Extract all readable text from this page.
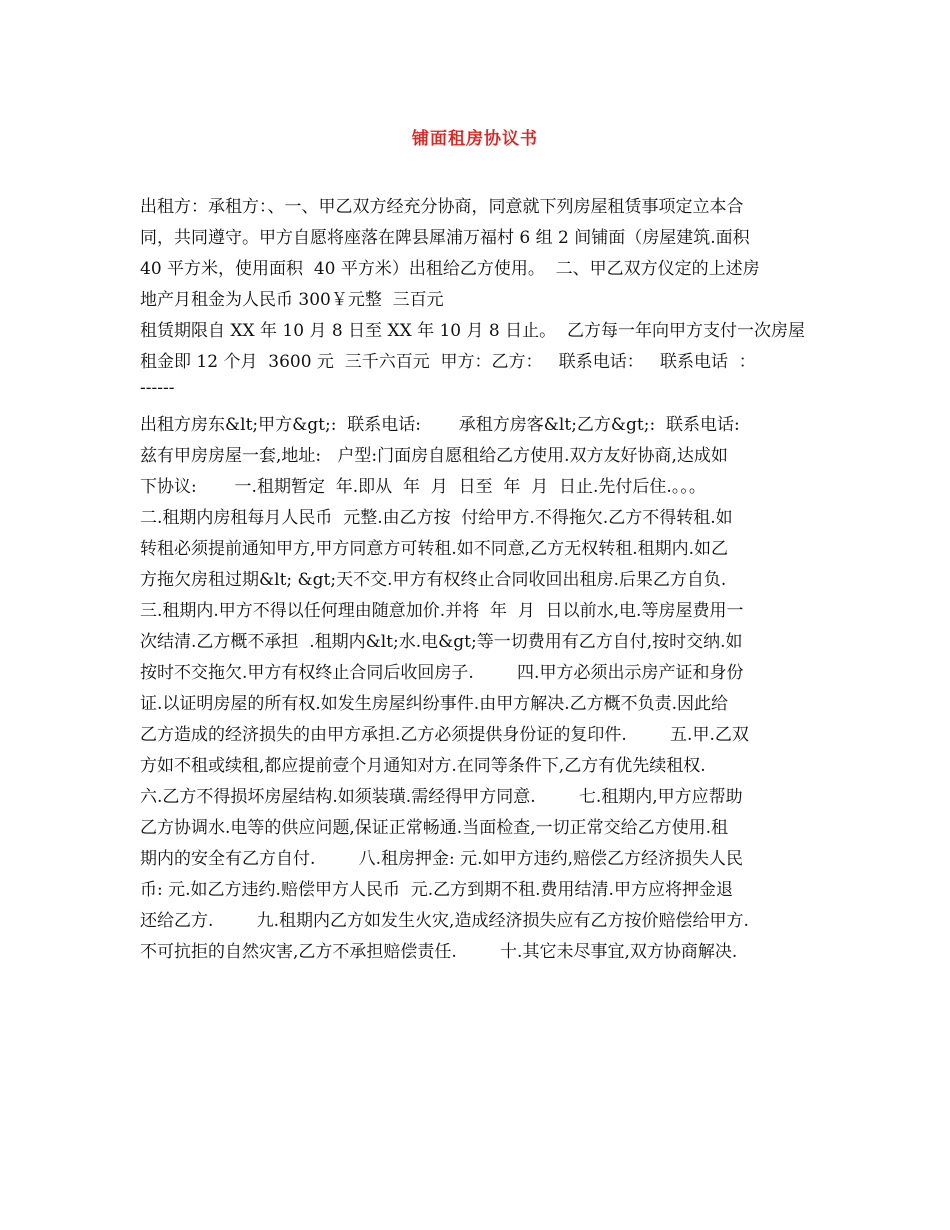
铺面租房协议书
出租方：承租方：、一、甲乙双方经充分协商，同意就下列房屋租赁事项定立本合
同，共同遵守。甲方自愿将座落在陴县犀浦万福村 6 组 2 间铺面（房屋建筑.面积
40 平方米，使用面积  40 平方米）出租给乙方使用。  二、甲乙双方仪定的上述房
地产月租金为人民币 300￥元整  三百元
租赁期限自 XX 年 10 月 8 日至 XX 年 10 月 8 日止。  乙方每一年向甲方支付一次房屋
租金即 12 个月  3600 元  三千六百元  甲方：乙方：   联系电话：   联系电话  ：
------
出租方房东&lt;甲方&gt;:  联系电话:       承租方房客&lt;乙方&gt;:  联系电话:
兹有甲房房屋一套,地址:   户型:门面房自愿租给乙方使用.双方友好协商,达成如
下协议:       一.租期暂定  年.即从  年  月  日至  年  月  日止.先付后住.。。。
二.租期内房租每月人民币  元整.由乙方按  付给甲方.不得拖欠.乙方不得转租.如
转租必须提前通知甲方,甲方同意方可转租.如不同意,乙方无权转租.租期内.如乙
方拖欠房租过期&lt; &gt;天不交.甲方有权终止合同收回出租房.后果乙方自负.
三.租期内.甲方不得以任何理由随意加价.并将  年  月  日以前水,电.等房屋费用一
次结清.乙方概不承担  .租期内&lt;水.电&gt;等一切费用有乙方自付,按时交纳.如
按时不交拖欠.甲方有权终止合同后收回房子.        四.甲方必须出示房产证和身份
证.以证明房屋的所有权.如发生房屋纠纷事件.由甲方解决.乙方概不负责.因此给
乙方造成的经济损失的由甲方承担.乙方必须提供身份证的复印件.        五.甲.乙双
方如不租或续租,都应提前壹个月通知对方.在同等条件下,乙方有优先续租权.
六.乙方不得损坏房屋结构.如须装璜.需经得甲方同意.        七.租期内,甲方应帮助
乙方协调水.电等的供应问题,保证正常畅通.当面检查,一切正常交给乙方使用.租
期内的安全有乙方自付.        八.租房押金: 元.如甲方违约,赔偿乙方经济损失人民
币: 元.如乙方违约.赔偿甲方人民币  元.乙方到期不租.费用结清.甲方应将押金退
还给乙方.        九.租期内乙方如发生火灾,造成经济损失应有乙方按价赔偿给甲方.
不可抗拒的自然灾害,乙方不承担赔偿责任.        十.其它未尽事宜,双方协商解决.
